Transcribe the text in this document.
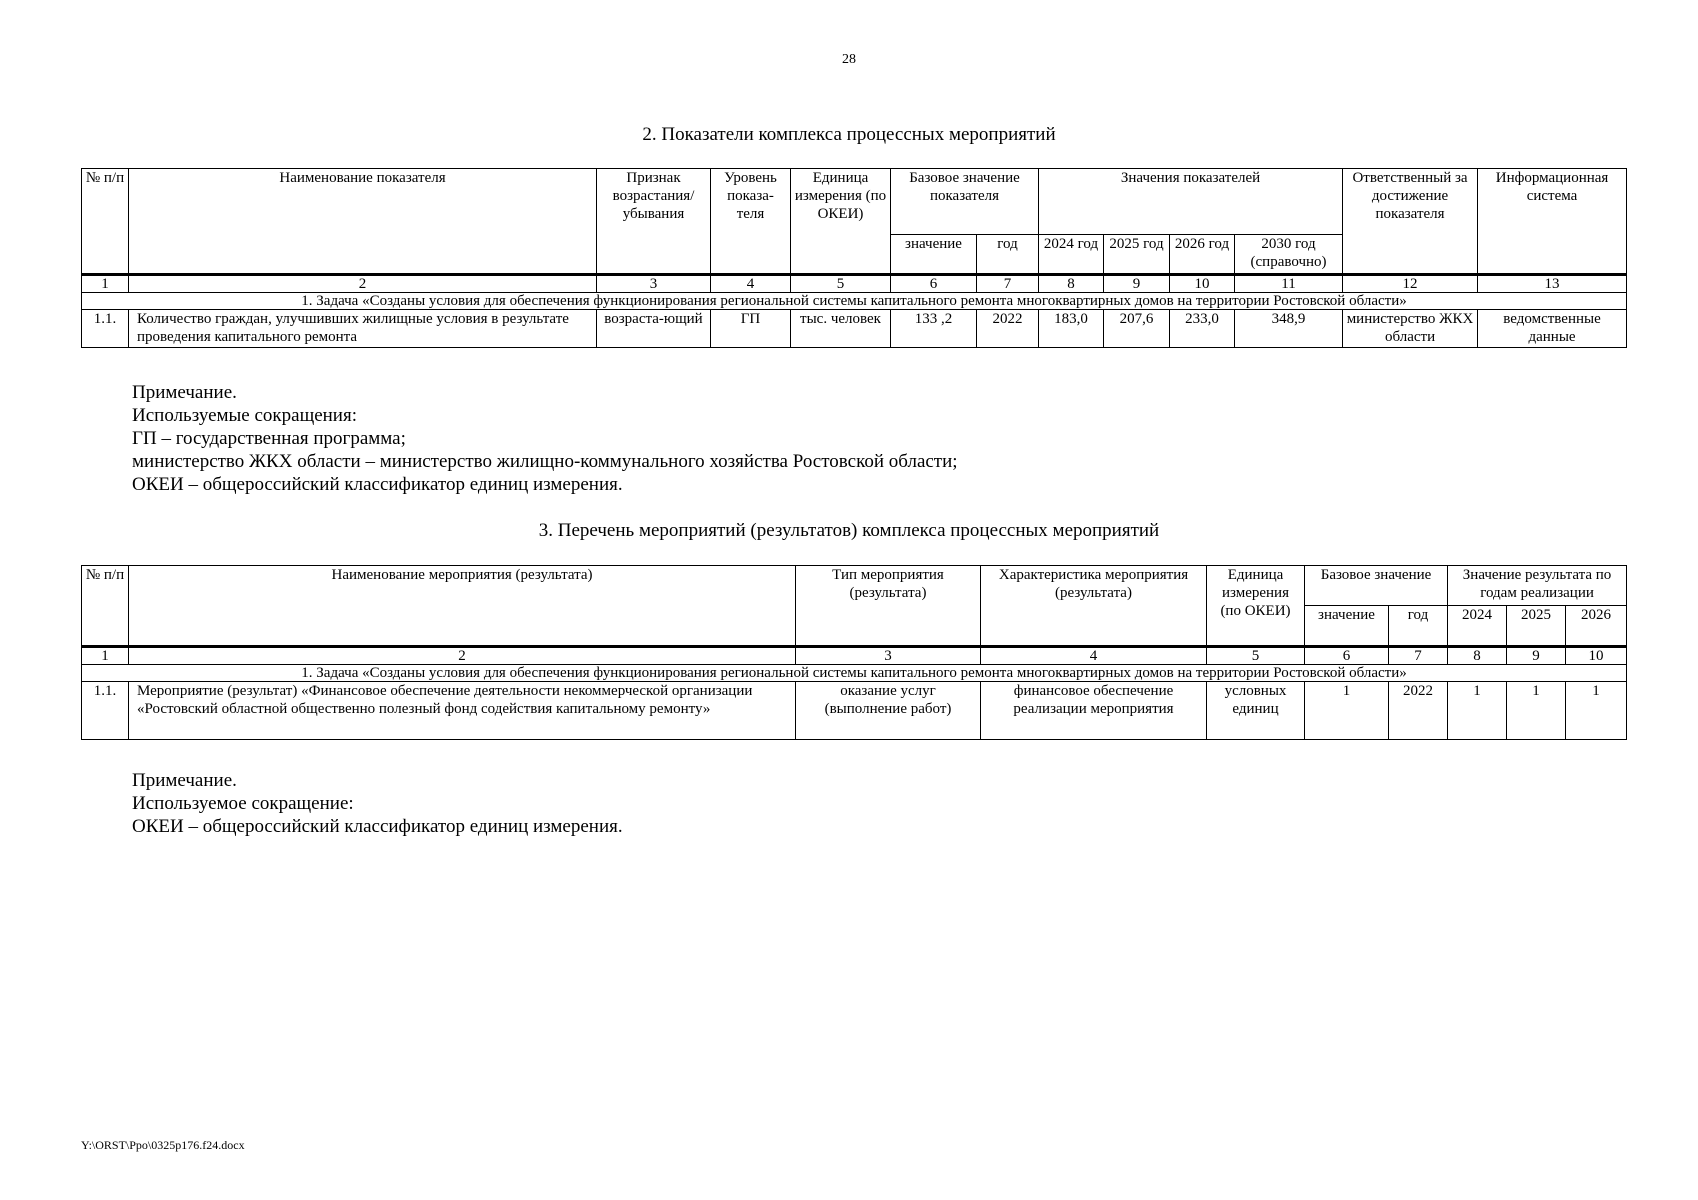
28
2. Показатели комплекса процессных мероприятий
№ п/п	Наименование показателя	Признак возрастания/ убывания	Уровень показа-теля	Единица измерения (по ОКЕИ)	Базовое значение показателя		Значения показателей				Ответственный за достижение показателя	Информационная система
					значение	год	2024 год	2025 год	2026 год	2030 год (справочно)		
1	2	3	4	5	6	7	8	9	10	11	12	13
1. Задача «Созданы условия для обеспечения функционирования региональной системы капитального ремонта многоквартирных домов на территории Ростовской области»												
1.1.	Количество граждан, улучшивших жилищные условия в результате проведения капитального ремонта	возраста-ющий	ГП	тыс. человек	133 ,2	2022	183,0	207,6	233,0	348,9	министерство ЖКХ области	ведомственные данные
Примечание.
Используемые сокращения:
ГП – государственная программа;
министерство ЖКХ области – министерство жилищно-коммунального хозяйства Ростовской области;
ОКЕИ – общероссийский классификатор единиц измерения.
3. Перечень мероприятий (результатов) комплекса процессных мероприятий
№ п/п	Наименование мероприятия (результата)	Тип мероприятия (результата)	Характеристика мероприятия (результата)	Единица измерения (по ОКЕИ)	Базовое значение		Значение результата по годам реализации		
					значение	год	2024	2025	2026
1	2	3	4	5	6	7	8	9	10
1. Задача «Созданы условия для обеспечения функционирования региональной системы капитального ремонта многоквартирных домов на территории Ростовской области»									
1.1.	Мероприятие (результат) «Финансовое обеспечение деятельности некоммерческой организации «Ростовский областной общественно полезный фонд содействия капитальному ремонту»	оказание услуг (выполнение работ)	финансовое обеспечение реализации мероприятия	условных единиц	1	2022	1	1	1
Примечание.
Используемое сокращение:
ОКЕИ – общероссийский классификатор единиц измерения.
Y:\ORST\Ppo\0325p176.f24.docx
